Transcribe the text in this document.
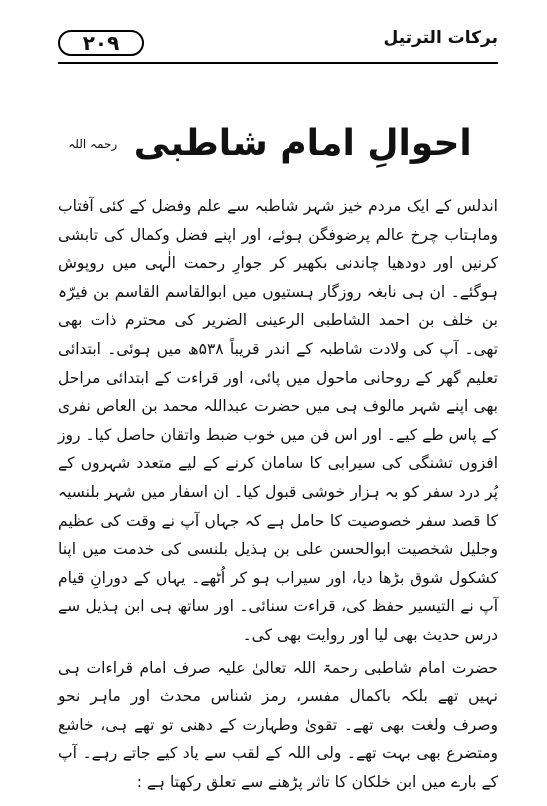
۲۰۹	برکات الترتیل
احوالِ امام شاطبی $^{رحمہ اللہ}$

اندلس کے ایک مردم خیز شہر شاطبہ سے علم وفضل کے کئی آفتاب وماہتاب چرخ عالم پرضوفگن ہوئے، اور اپنے فضل وکمال کی تابشی کرنیں اور دودھیا چاندنی بکھیر کر جوارِ رحمت الٰہی میں روپوش ہوگئے۔ ان ہی نابغہ روزگار ہستیوں میں ابوالقاسم القاسم بن فیرّہ بن خلف بن احمد الشاطبی الرعینی الضریر کی محترم ذات بھی تھی۔ آپ کی ولادت شاطبہ کے اندر قریباً ۵۳۸ھ میں ہوئی۔ ابتدائی تعلیم گھر کے روحانی ماحول میں پائی، اور قراءت کے ابتدائی مراحل بھی اپنے شہر مالوف ہی میں حضرت عبداللہ محمد بن العاص نفری کے پاس طے کیے۔ اور اس فن میں خوب ضبط واتقان حاصل کیا۔ روز افزوں تشنگی کی سیرابی کا سامان کرنے کے لیے متعدد شہروں کے پُر درد سفر کو بہ ہزار خوشی قبول کیا۔ ان اسفار میں شہر بلنسیہ کا قصد سفر خصوصیت کا حامل ہے کہ جہاں آپ نے وقت کی عظیم وجلیل شخصیت ابوالحسن علی بن ہذیل بلنسی کی خدمت میں اپنا کشکول شوق بڑھا دیا، اور سیراب ہو کر اُٹھے۔ یہاں کے دورانِ قیام آپ نے التیسیر حفظ کی، قراءت سنائی۔ اور ساتھ ہی ابن ہذیل سے درس حدیث بھی لیا اور روایت بھی کی۔

حضرت امام شاطبی رحمۃ اللہ تعالیٰ علیہ صرف امام قراءات ہی نہیں تھے بلکہ باکمال مفسر، رمز شناس محدث اور ماہر نحو وصرف ولغت بھی تھے۔ تقویٰ وطہارت کے دھنی تو تھے ہی، خاشع ومتضرع بھی بہت تھے۔ ولی اللہ کے لقب سے یاد کیے جاتے رہے۔ آپ کے بارے میں ابن خلکان کا تاثر پڑھنے سے تعلق رکھتا ہے :
